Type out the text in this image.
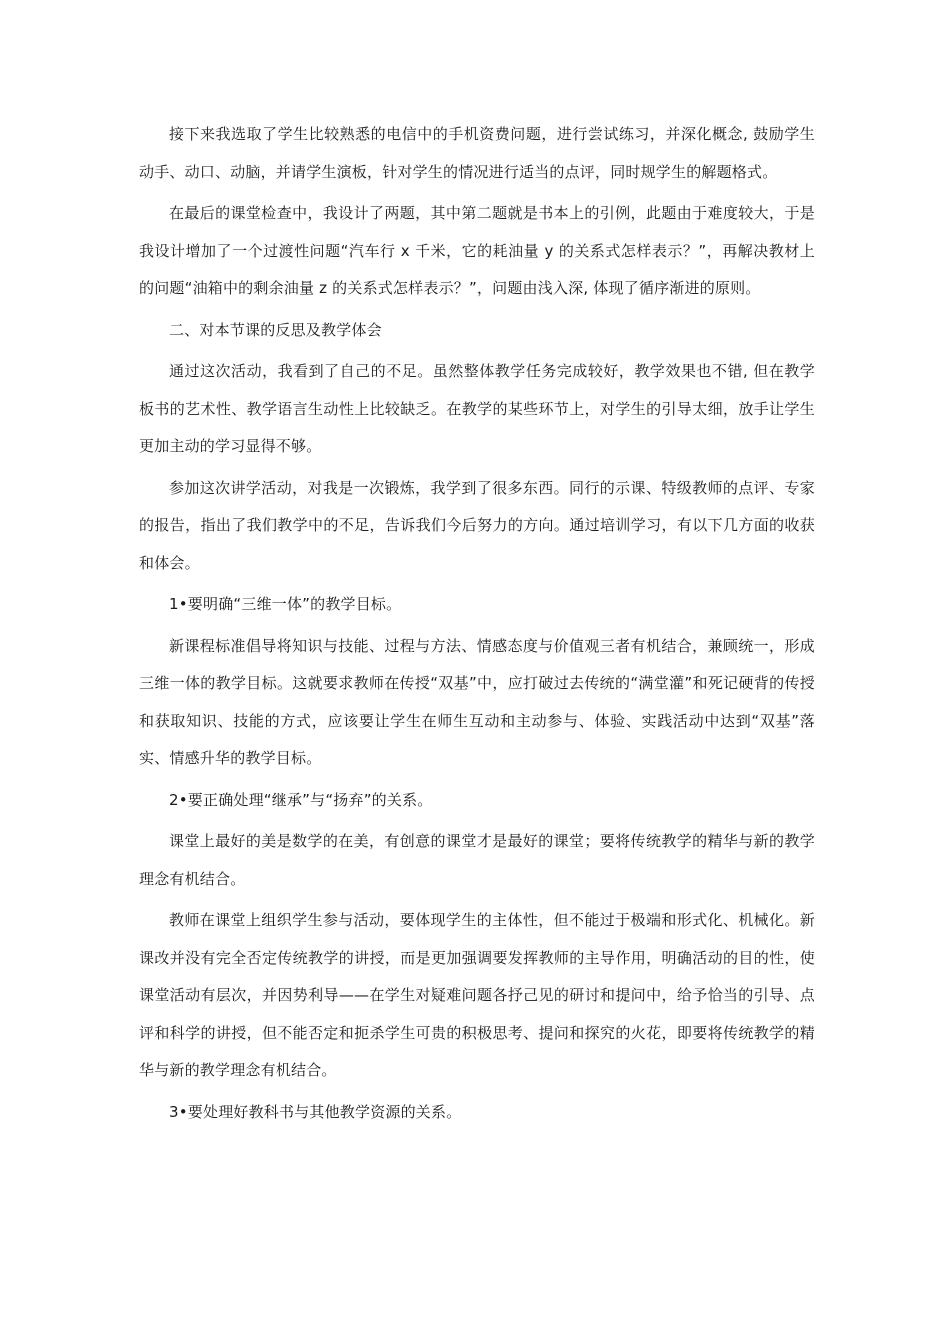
接下来我选取了学生比较熟悉的电信中的手机资费问题，进行尝试练习，并深化概念, 鼓励学生动手、动口、动脑，并请学生演板，针对学生的情况进行适当的点评，同时规学生的解题格式。

在最后的课堂检查中，我设计了两题，其中第二题就是书本上的引例，此题由于难度较大，于是我设计增加了一个过渡性问题“汽车行 x 千米，它的耗油量 y 的关系式怎样表示？”，再解决教材上的问题“油箱中的剩余油量 z 的关系式怎样表示？”，问题由浅入深, 体现了循序渐进的原则。

二、对本节课的反思及教学体会

通过这次活动，我看到了自己的不足。虽然整体教学任务完成较好，教学效果也不错, 但在教学板书的艺术性、教学语言生动性上比较缺乏。在教学的某些环节上，对学生的引导太细，放手让学生更加主动的学习显得不够。

参加这次讲学活动，对我是一次锻炼，我学到了很多东西。同行的示课、特级教师的点评、专家的报告，指出了我们教学中的不足，告诉我们今后努力的方向。通过培训学习，有以下几方面的收获和体会。

1•要明确“三维一体”的教学目标。

新课程标准倡导将知识与技能、过程与方法、情感态度与价值观三者有机结合，兼顾统一，形成三维一体的教学目标。这就要求教师在传授“双基”中，应打破过去传统的“满堂灌”和死记硬背的传授和获取知识、技能的方式，应该要让学生在师生互动和主动参与、体验、实践活动中达到“双基”落实、情感升华的教学目标。

2•要正确处理“继承”与“扬弃”的关系。

课堂上最好的美是数学的在美，有创意的课堂才是最好的课堂；要将传统教学的精华与新的教学理念有机结合。

教师在课堂上组织学生参与活动，要体现学生的主体性，但不能过于极端和形式化、机械化。新课改并没有完全否定传统教学的讲授，而是更加强调要发挥教师的主导作用，明确活动的目的性，使课堂活动有层次，并因势利导——在学生对疑难问题各抒己见的研讨和提问中，给予恰当的引导、点评和科学的讲授，但不能否定和扼杀学生可贵的积极思考、提问和探究的火花，即要将传统教学的精华与新的教学理念有机结合。

3•要处理好教科书与其他教学资源的关系。
